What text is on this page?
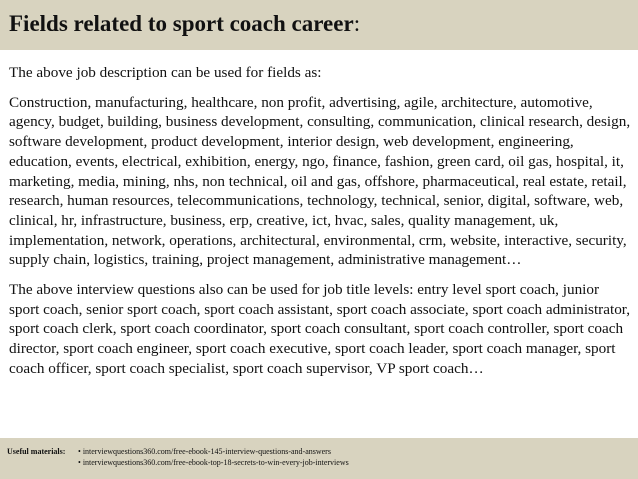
Fields related to sport coach career:

The above job description can be used for fields as:

Construction, manufacturing, healthcare, non profit, advertising, agile, architecture, automotive, agency, budget, building, business development, consulting, communication, clinical research, design, software development, product development, interior design, web development, engineering, education, events, electrical, exhibition, energy, ngo, finance, fashion, green card, oil gas, hospital, it, marketing, media, mining, nhs, non technical, oil and gas, offshore, pharmaceutical, real estate, retail, research, human resources, telecommunications, technology, technical, senior, digital, software, web, clinical, hr, infrastructure, business, erp, creative, ict, hvac, sales, quality management, uk, implementation, network, operations, architectural, environmental, crm, website, interactive, security, supply chain, logistics, training, project management, administrative management…

The above interview questions also can be used for job title levels: entry level sport coach, junior sport coach, senior sport coach, sport coach assistant, sport coach associate, sport coach administrator, sport coach clerk, sport coach coordinator, sport coach consultant, sport coach controller, sport coach director, sport coach engineer, sport coach executive, sport coach leader, sport coach manager, sport coach officer, sport coach specialist, sport coach supervisor, VP sport coach…

Useful materials:	• interviewquestions360.com/free-ebook-145-interview-questions-and-answers
• interviewquestions360.com/free-ebook-top-18-secrets-to-win-every-job-interviews
